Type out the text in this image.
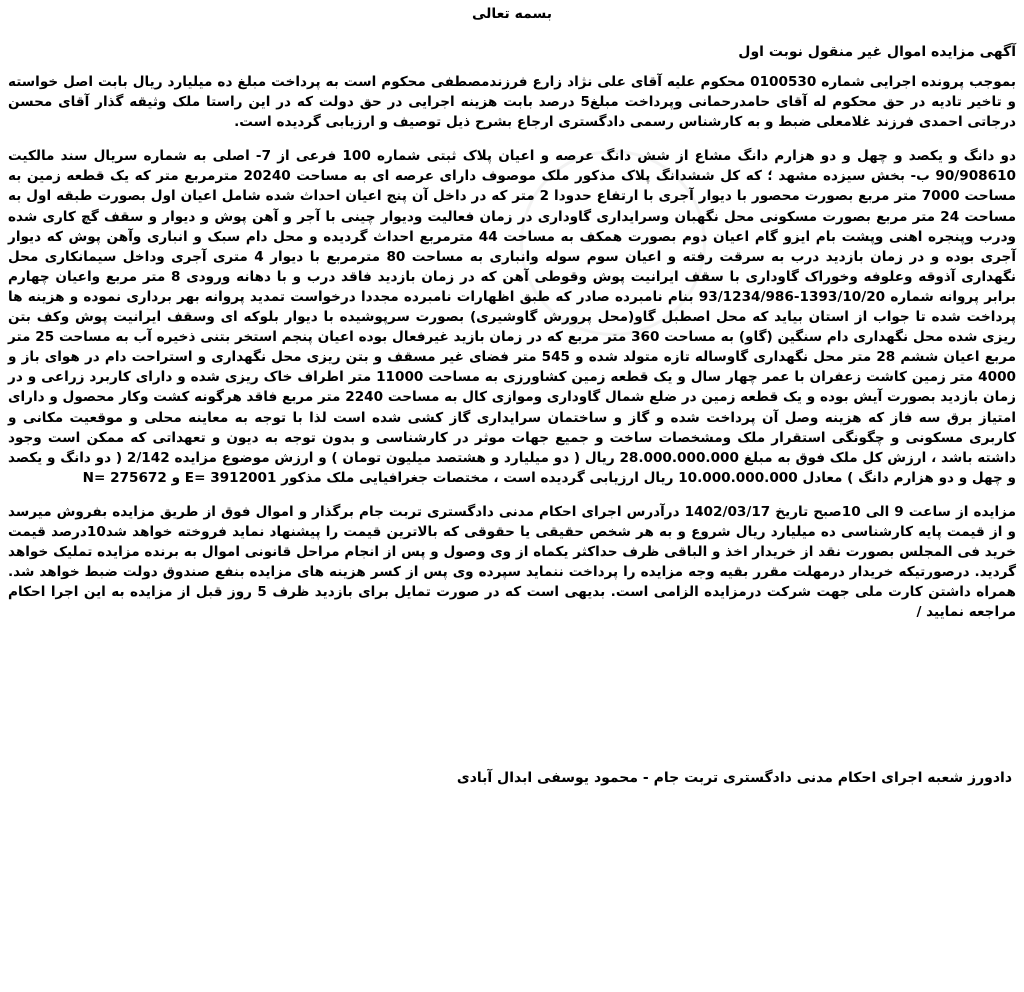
بسمه تعالی
آگهی مزایده اموال غیر منقول نوبت اول

بموجب پرونده اجرایی شماره 0100530 محکوم علیه آقای علی نژاد زارع فرزندمصطفی محکوم است به پرداخت مبلغ ده میلیارد ریال بابت اصل خواسته و تاخیر تادیه در حق محکوم له آقای حامدرحمانی وپرداخت مبلغ5 درصد بابت هزینه اجرایی در حق دولت که در این راستا ملک وثیقه گذار آقای محسن درجاتی احمدی فرزند غلامعلی ضبط و به کارشناس رسمی دادگستری ارجاع بشرح ذیل توصیف و ارزیابی گردیده است.

دو دانگ و یکصد و چهل و دو هزارم دانگ مشاع از شش دانگ عرصه و اعیان پلاک ثبتی شماره 100 فرعی از 7- اصلی به شماره سریال سند مالکیت 90/908610 ب- بخش سیزده مشهد ؛ که کل ششدانگ پلاک مذکور ملک موصوف دارای عرصه ای به مساحت 20240 مترمربع متر که یک قطعه زمین به مساحت 7000 متر مربع بصورت محصور با دیوار آجری با ارتفاع حدودا 2 متر که در داخل آن پنج اعیان احداث شده شامل اعیان اول بصورت طبقه اول به مساحت 24 متر مربع بصورت مسکونی محل نگهبان وسرایداری گاوداری در زمان فعالیت ودیوار چینی با آجر و آهن پوش و دیوار و سقف گچ کاری شده ودرب وپنجره اهنی وپشت بام ایزو گام اعیان دوم بصورت همکف به مساحت 44 مترمربع احداث گردیده و محل دام سبک و انباری وآهن پوش که دیوار آجری بوده و در زمان بازدید درب به سرقت رفته و اعیان سوم سوله وانباری به مساحت 80 مترمربع با دیوار 4 متری آجری وداخل سیمانکاری محل نگهداری آذوقه وعلوفه وخوراک گاوداری با سقف ایرانیت پوش وقوطی آهن که در زمان بازدید فاقد درب و با دهانه ورودی 8 متر مربع واعیان چهارم برابر پروانه شماره 1393/10/20-93/1234/986 بنام نامبرده صادر که طبق اظهارات نامبرده مجددا درخواست تمدید پروانه بهر برداری نموده و هزینه ها پرداخت شده تا جواب از استان بیاید که محل اصطبل گاو(محل پرورش گاوشیری) بصورت سرپوشیده با دیوار بلوکه ای وسقف ایرانیت پوش وکف بتن ریزی شده محل نگهداری دام سنگین (گاو) به مساحت 360 متر مربع که در زمان بازید غیرفعال بوده اعیان پنجم استخر بتنی ذخیره آب به مساحت 25 متر مربع اعیان ششم 28 متر محل نگهداری گاوساله تازه متولد شده و 545 متر فضای غیر مسقف و بتن ریزی محل نگهداری و استراحت دام در هوای باز و 4000 متر زمین کاشت زعفران با عمر چهار سال و یک قطعه زمین کشاورزی به مساحت 11000 متر اطراف خاک ریزی شده و دارای کاربرد زراعی و در زمان بازدید بصورت آیش بوده و یک قطعه زمین در ضلع شمال گاوداری وموازی کال به مساحت 2240 متر مربع فاقد هرگونه کشت وکار محصول و دارای امتیاز برق سه فاز که هزینه وصل آن پرداخت شده و گاز و ساختمان سرایداری گاز کشی شده است لذا با توجه به معاینه محلی و موقعیت مکانی و کاربری مسکونی و چگونگی استقرار ملک ومشخصات ساخت و جمیع جهات موثر در کارشناسی و بدون توجه به دیون و تعهداتی که ممکن است وجود داشته باشد ، ارزش کل ملک فوق به مبلغ 28.000.000.000 ریال ( دو میلیارد و هشتصد میلیون تومان ) و ارزش موضوع مزایده 2/142 ( دو دانگ و یکصد و چهل و دو هزارم دانگ ) معادل 10.000.000.000 ریال ارزیابی گردیده است ، مختصات جغرافیایی ملک مذکور 3912001 =E و 275672 =N

مزایده از ساعت 9 الی 10صبح تاریخ 1402/03/17 درآدرس اجرای احکام مدنی دادگستری تربت جام برگذار و اموال فوق از طریق مزایده بفروش میرسد و از قیمت پایه کارشناسی ده میلیارد ریال شروع و به هر شخص حقیقی یا حقوقی که بالاترین قیمت را پیشنهاد نماید فروخته خواهد شد10درصد قیمت خرید فی المجلس بصورت نقد از خریدار اخذ و الباقی ظرف حداکثر یکماه از وی وصول و پس از انجام مراحل قانونی اموال به برنده مزایده تملیک خواهد گردید. درصورتیکه خریدار درمهلت مقرر بقیه وجه مزایده را پرداخت ننماید سپرده وی پس از کسر هزینه های مزایده بنفع صندوق دولت ضبط خواهد شد. همراه داشتن کارت ملی جهت شرکت درمزایده الزامی است. بدیهی است که در صورت تمایل برای بازدید ظرف 5 روز قبل از مزایده به این اجرا احکام مراجعه نمایید /

دادورز شعبه اجرای احکام مدنی دادگستری تربت جام - محمود یوسفی ابدال آبادی
